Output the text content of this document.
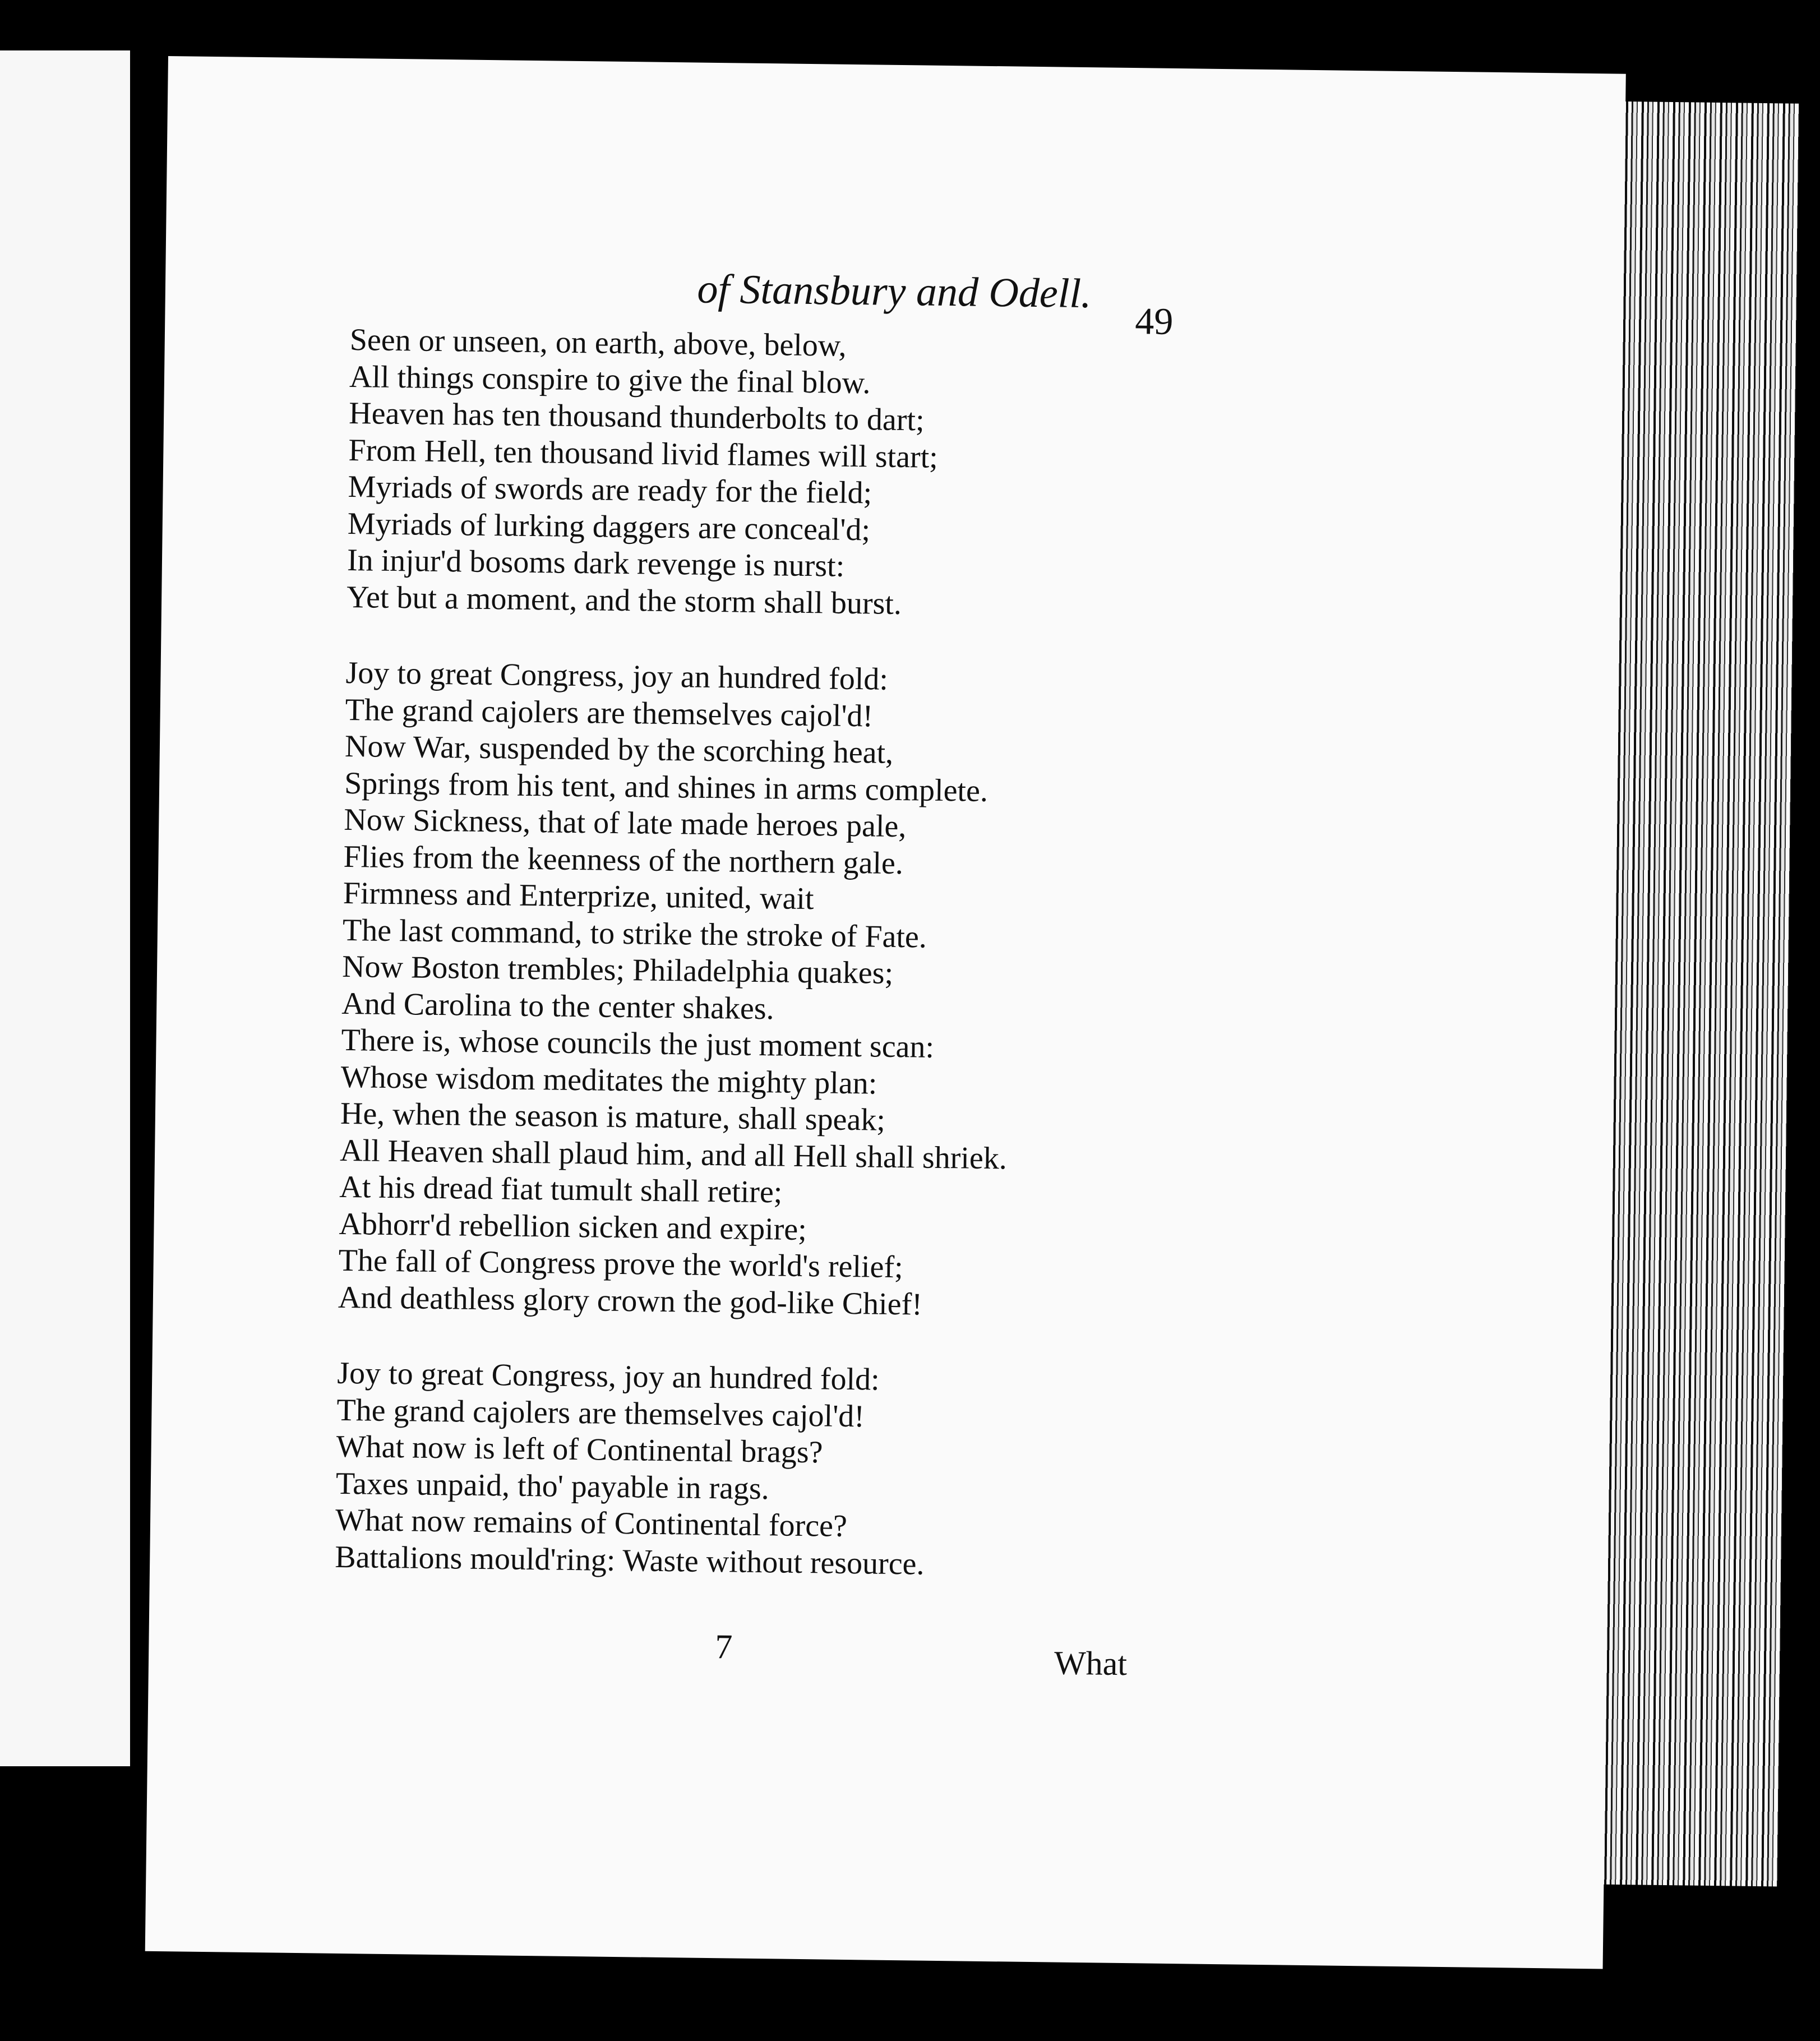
of Stansbury and Odell.
49
Seen or unseen, on earth, above, below,
All things conspire to give the final blow.
Heaven has ten thousand thunderbolts to dart;
From Hell, ten thousand livid flames will start;
Myriads of swords are ready for the field;
Myriads of lurking daggers are conceal'd;
In injur'd bosoms dark revenge is nurst:
Yet but a moment, and the storm shall burst.
Joy to great Congress, joy an hundred fold:
The grand cajolers are themselves cajol'd!
Now War, suspended by the scorching heat,
Springs from his tent, and shines in arms complete.
Now Sickness, that of late made heroes pale,
Flies from the keenness of the northern gale.
Firmness and Enterprize, united, wait
The last command, to strike the stroke of Fate.
Now Boston trembles; Philadelphia quakes;
And Carolina to the center shakes.
There is, whose councils the just moment scan:
Whose wisdom meditates the mighty plan:
He, when the season is mature, shall speak;
All Heaven shall plaud him, and all Hell shall shriek.
At his dread fiat tumult shall retire;
Abhorr'd rebellion sicken and expire;
The fall of Congress prove the world's relief;
And deathless glory crown the god-like Chief!
Joy to great Congress, joy an hundred fold:
The grand cajolers are themselves cajol'd!
What now is left of Continental brags?
Taxes unpaid, tho' payable in rags.
What now remains of Continental force?
Battalions mould'ring: Waste without resource.
7	What
